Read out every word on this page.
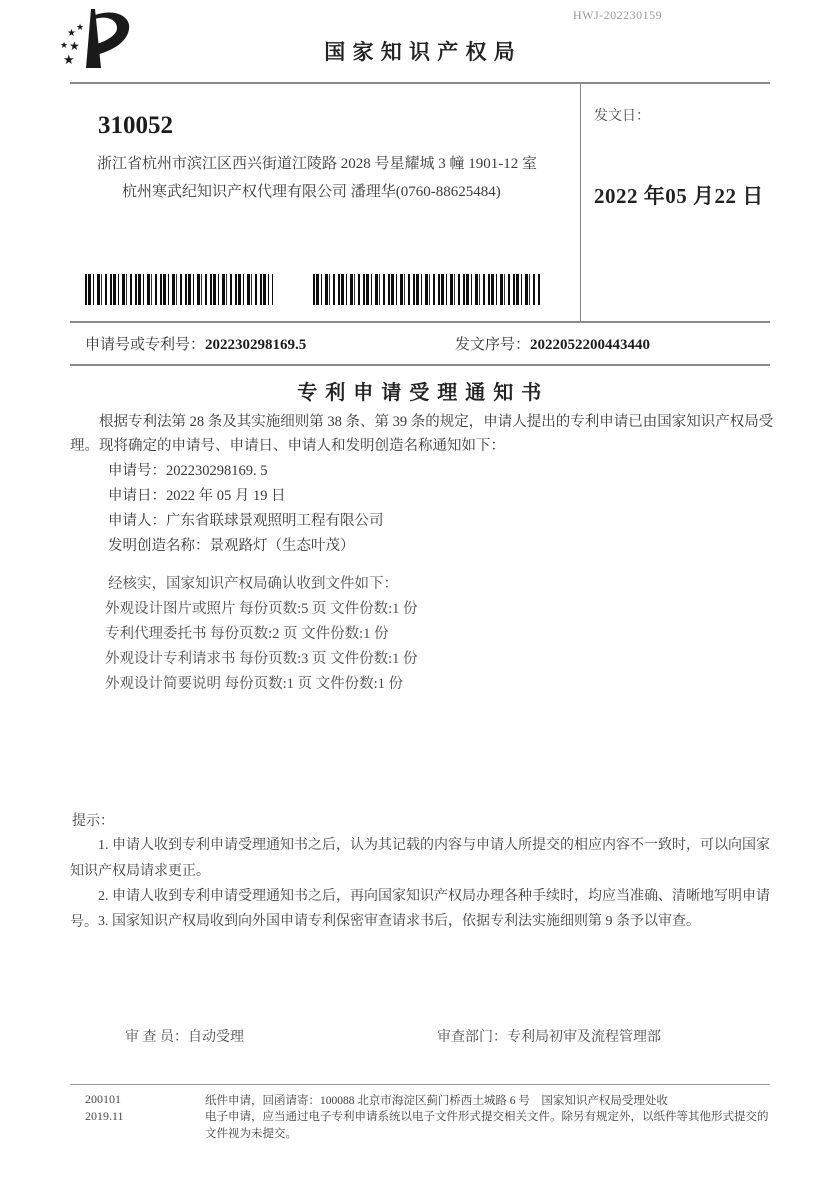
★
★
★ ★
★
HWJ-202230159
国 家 知 识 产 权 局
310052
浙江省杭州市滨江区西兴街道江陵路 2028 号星耀城 3 幢 1901-12 室
杭州寒武纪知识产权代理有限公司 潘理华(0760-88625484)
发文日：
2022 年05 月22 日
申请号或专利号：202230298169.5	发文序号：2022052200443440
专 利 申 请 受 理 通 知 书
根据专利法第 28 条及其实施细则第 38 条、第 39 条的规定，申请人提出的专利申请已由国家知识产权局受理。现将确定的申请号、申请日、申请人和发明创造名称通知如下：
申请号：202230298169. 5
申请日：2022 年 05 月 19 日
申请人：广东省联球景观照明工程有限公司
发明创造名称：景观路灯（生态叶茂）
经核实，国家知识产权局确认收到文件如下：
外观设计图片或照片 每份页数:5 页 文件份数:1 份
专利代理委托书 每份页数:2 页 文件份数:1 份
外观设计专利请求书 每份页数:3 页 文件份数:1 份
外观设计简要说明 每份页数:1 页 文件份数:1 份
提示：
1. 申请人收到专利申请受理通知书之后，认为其记载的内容与申请人所提交的相应内容不一致时，可以向国家知识产权局请求更正。
2. 申请人收到专利申请受理通知书之后，再向国家知识产权局办理各种手续时，均应当准确、清晰地写明申请号。 3. 国家知识产权局收到向外国申请专利保密审查请求书后，依据专利法实施细则第 9 条予以审查。
审 查 员：自动受理	审查部门：专利局初审及流程管理部
200101
2019.11
纸件申请，回函请寄：100088 北京市海淀区蓟门桥西土城路 6 号　国家知识产权局受理处收
电子申请，应当通过电子专利申请系统以电子文件形式提交相关文件。除另有规定外，以纸件等其他形式提交的文件视为未提交。
